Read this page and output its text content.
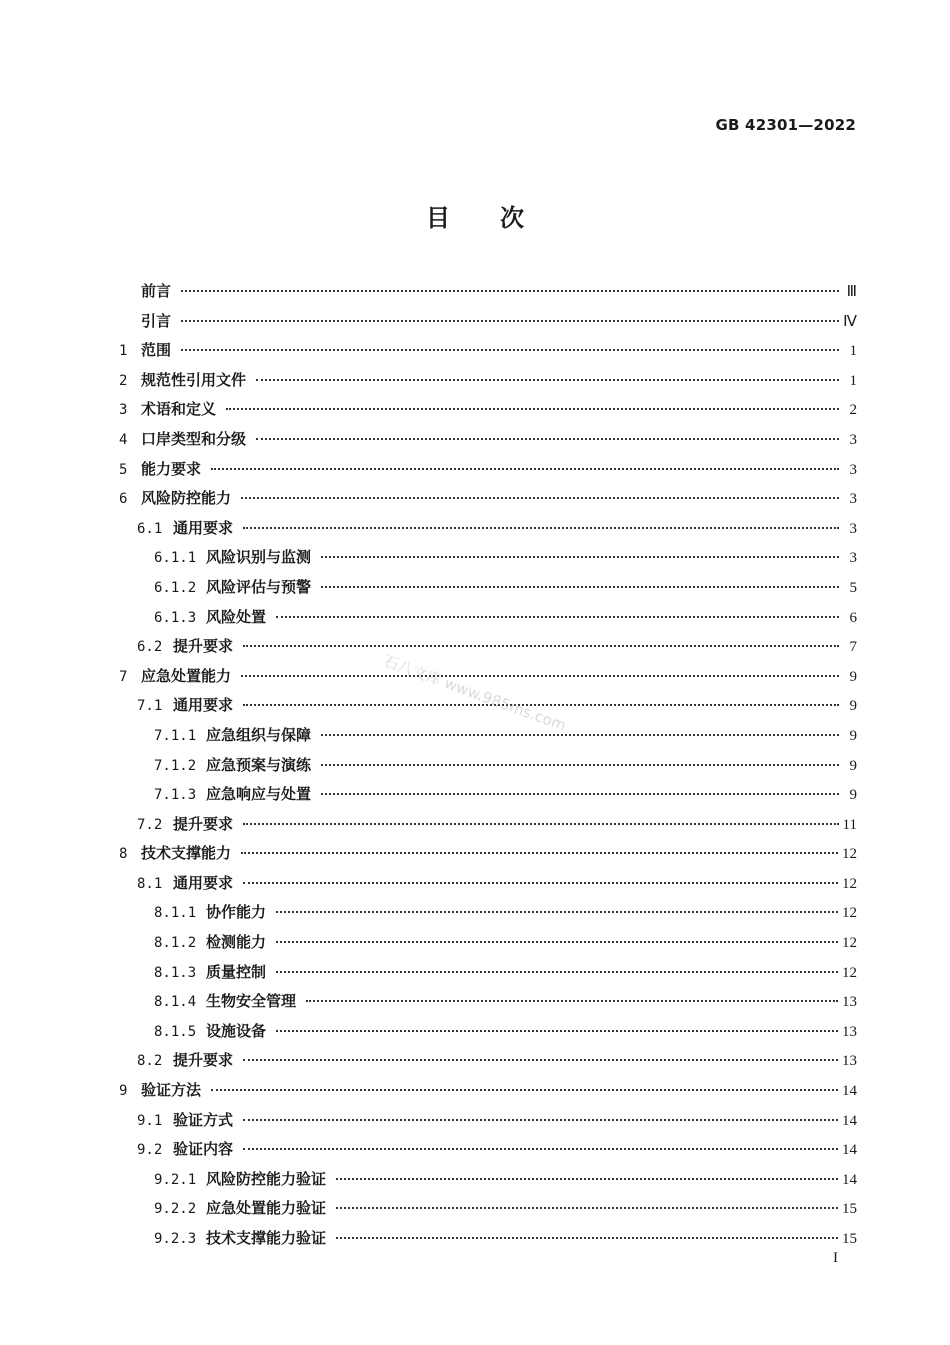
GB 42301—2022
目次
前言	Ⅲ
引言	Ⅳ
1 范围	1
2 规范性引用文件	1
3 术语和定义	2
4 口岸类型和分级	3
5 能力要求	3
6 风险防控能力	3
6.1 通用要求	3
6.1.1 风险识别与监测	3
6.1.2 风险评估与预警	5
6.1.3 风险处置	6
6.2 提升要求	7
7 应急处置能力	9
7.1 通用要求	9
7.1.1 应急组织与保障	9
7.1.2 应急预案与演练	9
7.1.3 应急响应与处置	9
7.2 提升要求	11
8 技术支撑能力	12
8.1 通用要求	12
8.1.1 协作能力	12
8.1.2 检测能力	12
8.1.3 质量控制	12
8.1.4 生物安全管理	13
8.1.5 设施设备	13
8.2 提升要求	13
9 验证方法	14
9.1 验证方式	14
9.2 验证内容	14
9.2.1 风险防控能力验证	14
9.2.2 应急处置能力验证	15
9.2.3 技术支撑能力验证	15
石八文库 www.985ms.com
I
